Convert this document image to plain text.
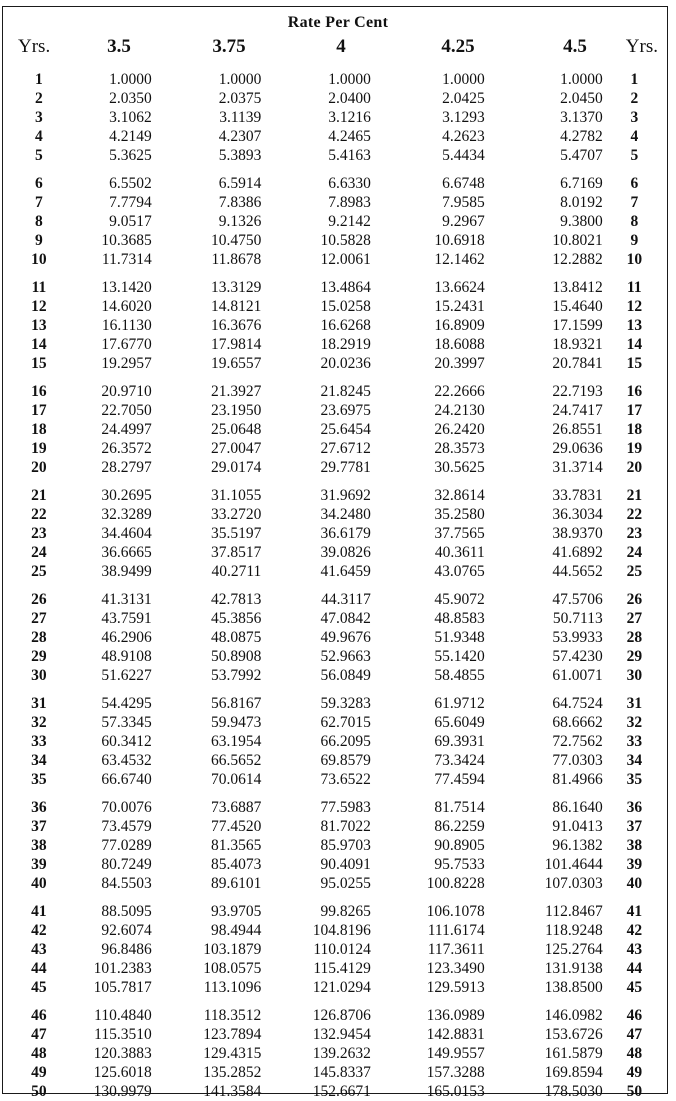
Rate Per Cent
Yrs.	3.5	3.75	4	4.25	4.5 Yrs.
1	1.0000	1.0000	1.0000	1.0000	1.0000	1
2	2.0350	2.0375	2.0400	2.0425	2.0450	2
3	3.1062	3.1139	3.1216	3.1293	3.1370	3
4	4.2149	4.2307	4.2465	4.2623	4.2782	4
5	5.3625	5.3893	5.4163	5.4434	5.4707	5
6	6.5502	6.5914	6.6330	6.6748	6.7169	6
7	7.7794	7.8386	7.8983	7.9585	8.0192	7
8	9.0517	9.1326	9.2142	9.2967	9.3800	8
9	10.3685	10.4750	10.5828	10.6918	10.8021	9
10	11.7314	11.8678	12.0061	12.1462	12.2882	10
11	13.1420	13.3129	13.4864	13.6624	13.8412	11
12	14.6020	14.8121	15.0258	15.2431	15.4640	12
13	16.1130	16.3676	16.6268	16.8909	17.1599	13
14	17.6770	17.9814	18.2919	18.6088	18.9321	14
15	19.2957	19.6557	20.0236	20.3997	20.7841	15
16	20.9710	21.3927	21.8245	22.2666	22.7193	16
17	22.7050	23.1950	23.6975	24.2130	24.7417	17
18	24.4997	25.0648	25.6454	26.2420	26.8551	18
19	26.3572	27.0047	27.6712	28.3573	29.0636	19
20	28.2797	29.0174	29.7781	30.5625	31.3714	20
21	30.2695	31.1055	31.9692	32.8614	33.7831	21
22	32.3289	33.2720	34.2480	35.2580	36.3034	22
23	34.4604	35.5197	36.6179	37.7565	38.9370	23
24	36.6665	37.8517	39.0826	40.3611	41.6892	24
25	38.9499	40.2711	41.6459	43.0765	44.5652	25
26	41.3131	42.7813	44.3117	45.9072	47.5706	26
27	43.7591	45.3856	47.0842	48.8583	50.7113	27
28	46.2906	48.0875	49.9676	51.9348	53.9933	28
29	48.9108	50.8908	52.9663	55.1420	57.4230	29
30	51.6227	53.7992	56.0849	58.4855	61.0071	30
31	54.4295	56.8167	59.3283	61.9712	64.7524	31
32	57.3345	59.9473	62.7015	65.6049	68.6662	32
33	60.3412	63.1954	66.2095	69.3931	72.7562	33
34	63.4532	66.5652	69.8579	73.3424	77.0303	34
35	66.6740	70.0614	73.6522	77.4594	81.4966	35
36	70.0076	73.6887	77.5983	81.7514	86.1640	36
37	73.4579	77.4520	81.7022	86.2259	91.0413	37
38	77.0289	81.3565	85.9703	90.8905	96.1382	38
39	80.7249	85.4073	90.4091	95.7533	101.4644	39
40	84.5503	89.6101	95.0255	100.8228	107.0303	40
41	88.5095	93.9705	99.8265	106.1078	112.8467	41
42	92.6074	98.4944	104.8196	111.6174	118.9248	42
43	96.8486	103.1879	110.0124	117.3611	125.2764	43
44	101.2383	108.0575	115.4129	123.3490	131.9138	44
45	105.7817	113.1096	121.0294	129.5913	138.8500	45
46	110.4840	118.3512	126.8706	136.0989	146.0982	46
47	115.3510	123.7894	132.9454	142.8831	153.6726	47
48	120.3883	129.4315	139.2632	149.9557	161.5879	48
49	125.6018	135.2852	145.8337	157.3288	169.8594	49
50	130.9979	141.3584	152.6671	165.0153	178.5030	50
